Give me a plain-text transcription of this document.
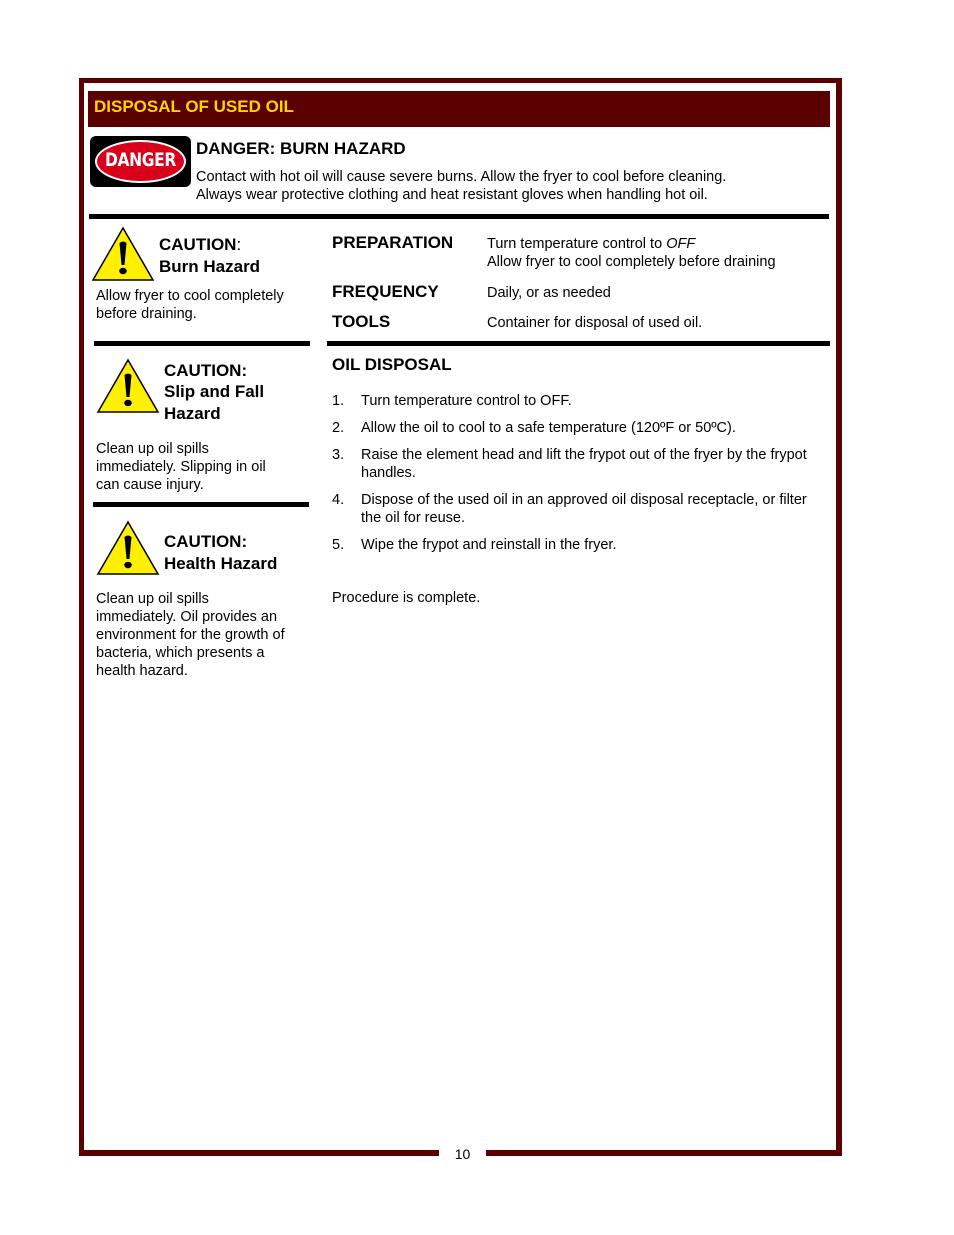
DISPOSAL OF USED OIL
DANGER
DANGER: BURN HAZARD
Contact with hot oil will cause severe burns. Allow the fryer to cool before cleaning.
Always wear protective clothing and heat resistant gloves when handling hot oil.
CAUTION:
Burn Hazard
Allow fryer to cool completely
before draining.
CAUTION:
Slip and Fall
Hazard
Clean up oil spills
immediately. Slipping in oil
can cause injury.
CAUTION:
Health Hazard
Clean up oil spills
immediately. Oil provides an
environment for the growth of
bacteria, which presents a
health hazard.
PREPARATION Turn temperature control to OFF
Allow fryer to cool completely before draining
FREQUENCY	Daily, or as needed
TOOLS	Container for disposal of used oil.
OIL DISPOSAL
1. Turn temperature control to OFF.
2. Allow the oil to cool to a safe temperature (120ºF or 50ºC).
3. Raise the element head and lift the frypot out of the fryer by the frypot handles.
4. Dispose of the used oil in an approved oil disposal receptacle, or filter the oil for reuse.
5. Wipe the frypot and reinstall in the fryer.
Procedure is complete.
10
